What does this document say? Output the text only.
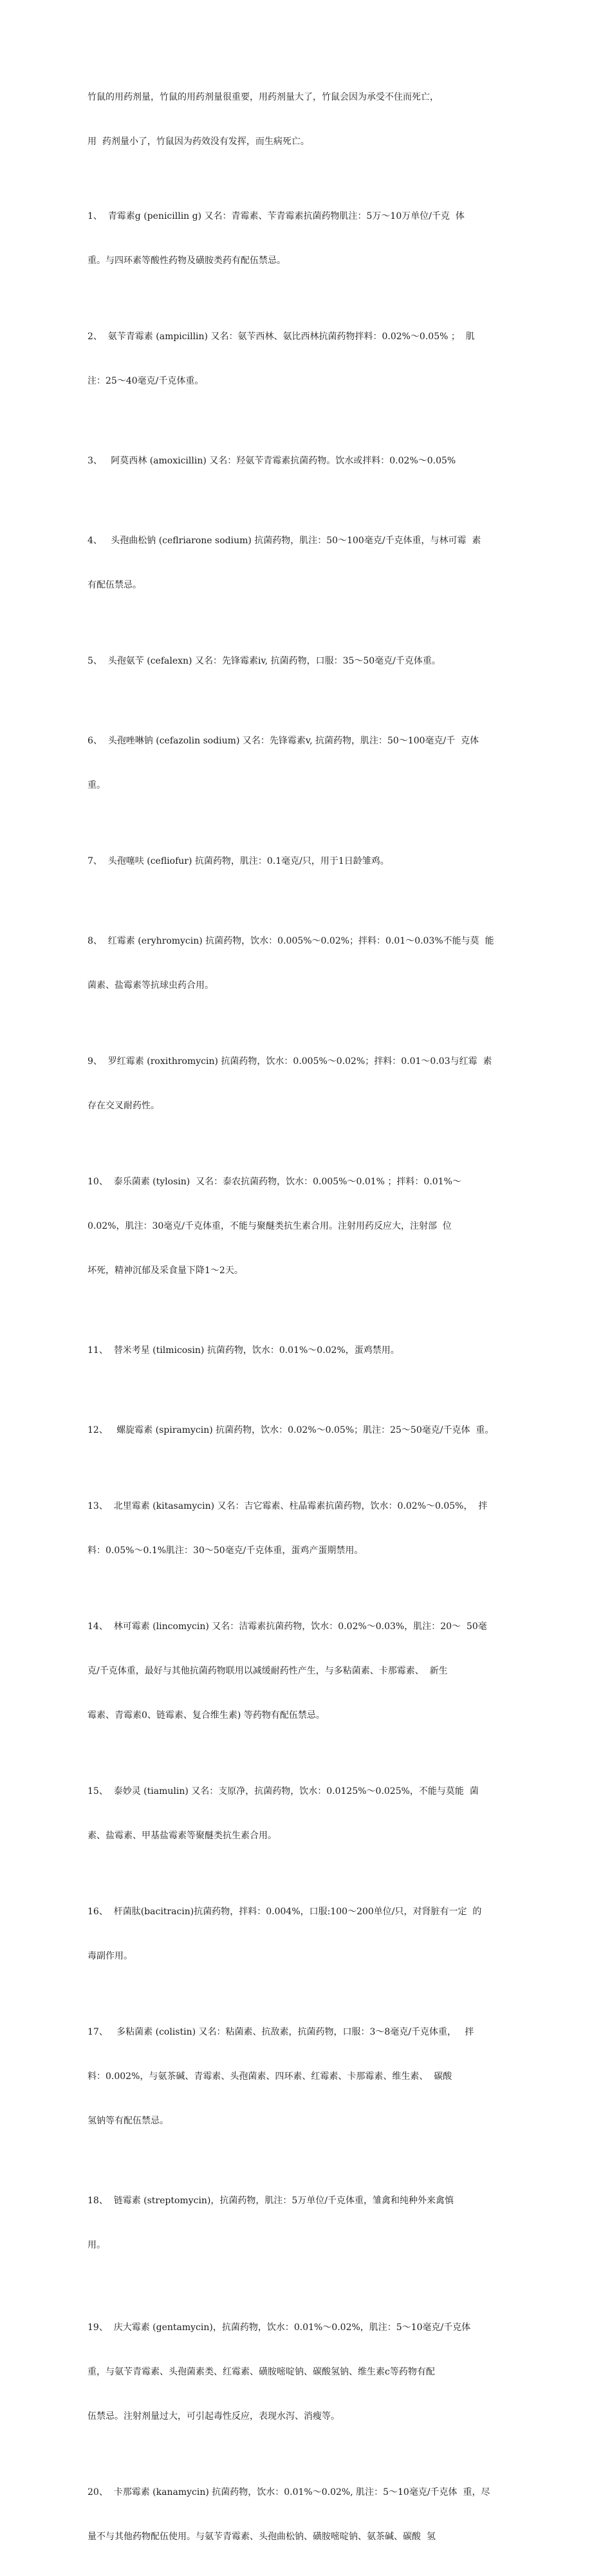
竹鼠的用药剂量，竹鼠的用药剂量很重要，用药剂量大了，竹鼠会因为承受不住而死亡，

用  药剂量小了，竹鼠因为药效没有发挥，而生病死亡。

1、  青霉素g (penicillin g) 又名：青霉素、苄青霉素抗菌药物肌注：5万～10万单位/千克  体

重。与四环素等酸性药物及磺胺类药有配伍禁忌。

2、  氨苄青霉素 (ampicillin) 又名：氨苄西林、氨比西林抗菌药物拌料：0.02%～0.05% ；  肌

注：25～40毫克/千克体重。

3、   阿莫西林 (amoxicillin) 又名：羟氨苄青霉素抗菌药物。饮水或拌料：0.02%～0.05%

4、   头孢曲松钠 (ceflriarone sodium) 抗菌药物，肌注：50～100毫克/千克体重，与林可霉  素

有配伍禁忌。

5、  头孢氨苄 (cefalexn) 又名：先锋霉素iv, 抗菌药物，口服：35～50毫克/千克体重。

6、  头孢唑啉钠 (cefazolin sodium) 又名：先锋霉素v, 抗菌药物，肌注：50～100毫克/千  克体

重。

7、  头孢噻呋 (cefliofur) 抗菌药物，肌注：0.1毫克/只，用于1日龄雏鸡。

8、  红霉素 (eryhromycin) 抗菌药物，饮水：0.005%～0.02%；拌料：0.01～0.03%不能与莫  能

菌素、盐霉素等抗球虫药合用。

9、  罗红霉素 (roxithromycin) 抗菌药物，饮水：0.005%～0.02%；拌料：0.01～0.03与红霉  素

存在交叉耐药性。

10、  泰乐菌素 (tylosin)  又名：泰农抗菌药物，饮水：0.005%～0.01% ；拌料：0.01%～

0.02%，肌注：30毫克/千克体重，不能与聚醚类抗生素合用。注射用药反应大，注射部  位

坏死，精神沉郁及采食量下降1～2天。

11、  替米考星 (tilmicosin) 抗菌药物，饮水：0.01%～0.02%，蛋鸡禁用。

12、   螺旋霉素 (spiramycin) 抗菌药物，饮水：0.02%～0.05%；肌注：25～50毫克/千克体  重。

13、  北里霉素 (kitasamycin) 又名：吉它霉素、柱晶霉素抗菌药物，饮水：0.02%～0.05%，  拌

料：0.05%～0.1%肌注：30～50毫克/千克体重，蛋鸡产蛋期禁用。

14、  林可霉素 (lincomycin) 又名：洁霉素抗菌药物，饮水：0.02%～0.03%，肌注：20～  50毫

克/千克体重，最好与其他抗菌药物联用以减缓耐药性产生，与多粘菌素、卡那霉素、  新生

霉素、青霉素0、链霉素、复合维生素) 等药物有配伍禁忌。

15、  泰妙灵 (tiamulin) 又名：支原净，抗菌药物，饮水：0.0125%～0.025%，不能与莫能  菌

素、盐霉素、甲基盐霉素等聚醚类抗生素合用。

16、  杆菌肽(bacitracin)抗菌药物，拌料：0.004%，口服:100～200单位/只，对肾脏有一定  的

毒副作用。

17、   多粘菌素 (colistin) 又名：粘菌素、抗敌素，抗菌药物，口服：3～8毫克/千克体重，   拌

料：0.002%，与氨茶碱、青霉素、头孢菌素、四环素、红霉素、卡那霉素、维生素、  碳酸

氢钠等有配伍禁忌。

18、  链霉素 (streptomycin)，抗菌药物，肌注：5万单位/千克体重，雏禽和纯种外来禽慎

用。

19、  庆大霉素 (gentamycin)，抗菌药物，饮水：0.01%～0.02%，肌注：5～10毫克/千克体

重，与氨苄青霉素、头孢菌素类、红霉素、磺胺嘧啶钠、碳酸氢钠、维生素c等药物有配

伍禁忌。注射剂量过大，可引起毒性反应，表现水泻、消瘦等。

20、  卡那霉素 (kanamycin) 抗菌药物，饮水：0.01%～0.02%, 肌注：5～10毫克/千克体  重，尽

量不与其他药物配伍使用。与氨苄青霉素、头孢曲松钠、磺胺嘧啶钠、氨茶碱、碳酸  氢
